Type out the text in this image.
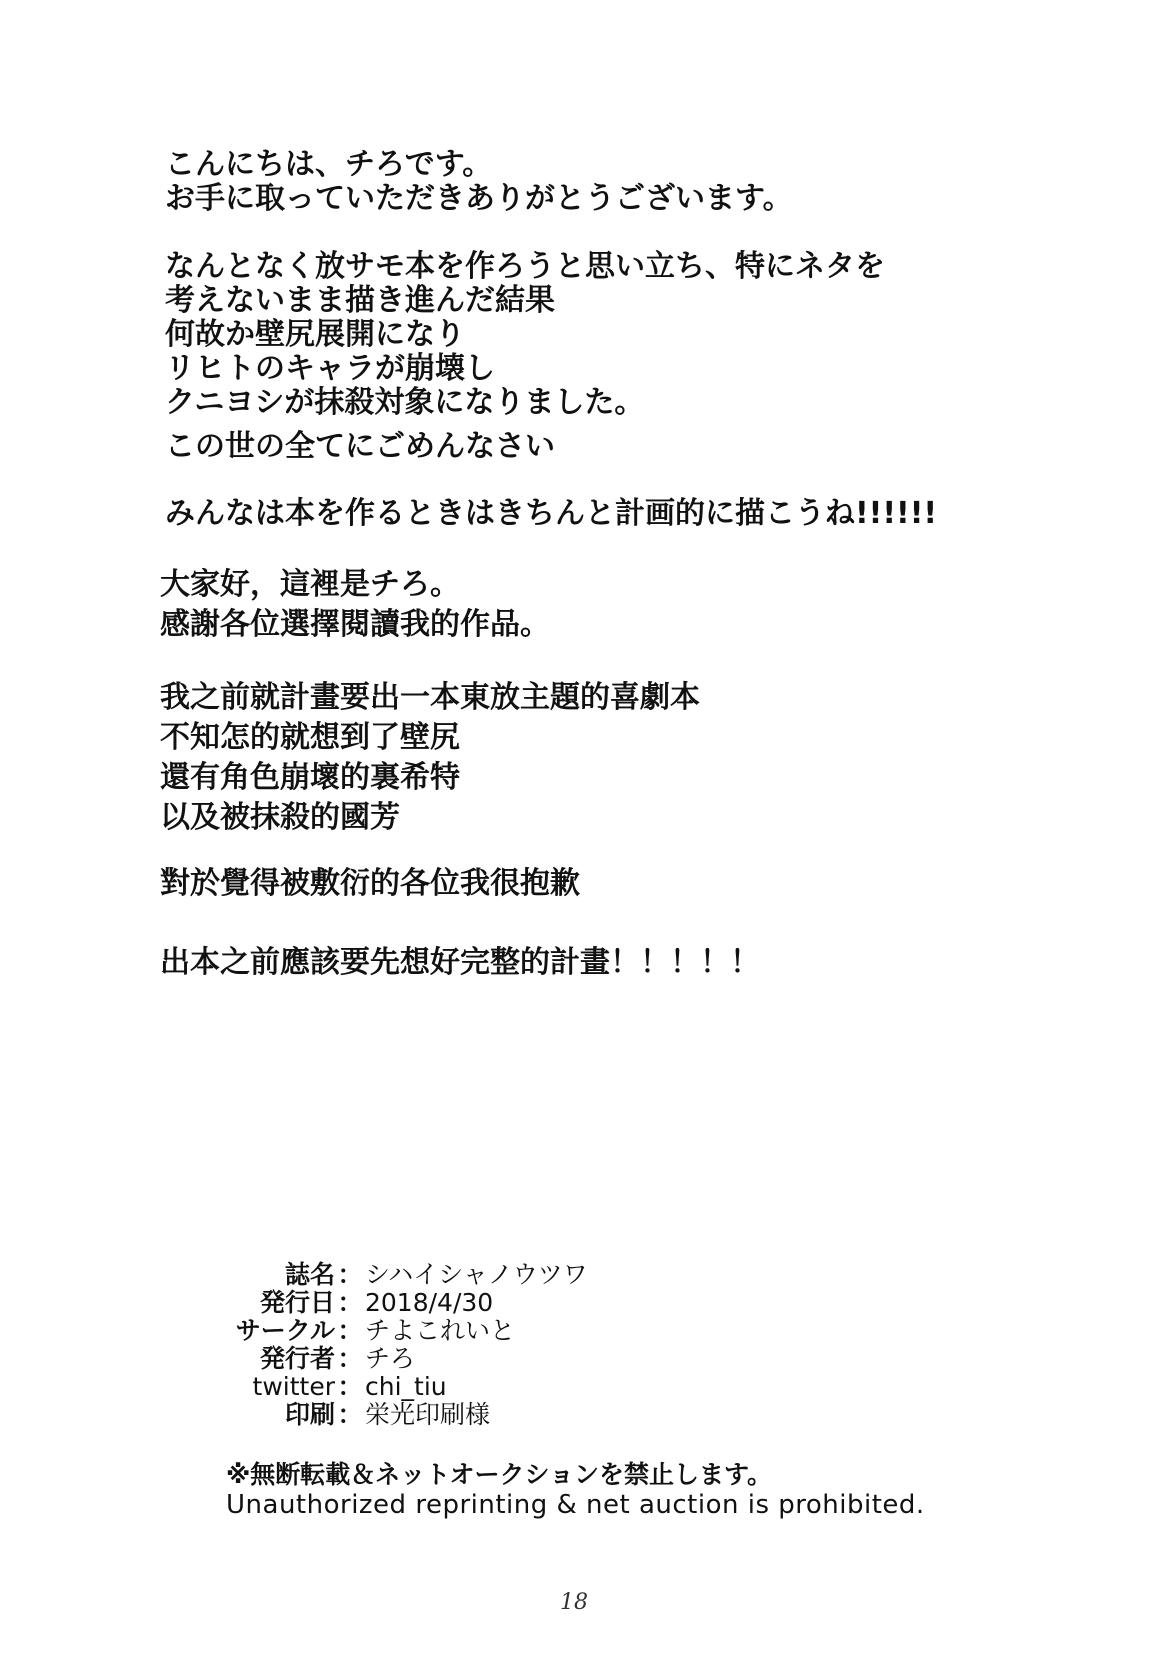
こんにちは、チろです。
お手に取っていただきありがとうございます。
なんとなく放サモ本を作ろうと思い立ち、特にネタを
考えないまま描き進んだ結果
何故か壁尻展開になり
リヒトのキャラが崩壊し
クニヨシが抹殺対象になりました。
この世の全てにごめんなさい
みんなは本を作るときはきちんと計画的に描こうね!!!!!!
大家好，這裡是チろ。
感謝各位選擇閱讀我的作品。
我之前就計畫要出一本東放主題的喜劇本
不知怎的就想到了壁尻
還有角色崩壞的裏希特
以及被抹殺的國芳
對於覺得被敷衍的各位我很抱歉
出本之前應該要先想好完整的計畫！！！！！
誌名 ： シハイシャノウツワ
発行日 ： 2018/4/30
サークル ： チよこれいと
発行者 ： チろ
twitter ： chi_tiu
印刷 ： 栄光印刷様
※無断転載＆ネットオークションを禁止します。
Unauthorized reprinting & net auction is prohibited.
18
